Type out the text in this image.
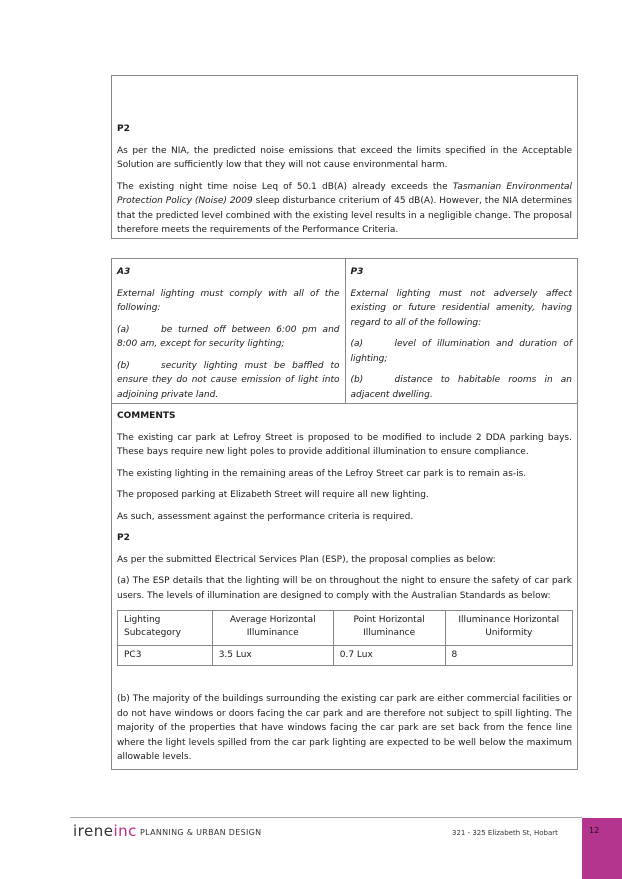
P2

As per the NIA, the predicted noise emissions that exceed the limits specified in the Acceptable Solution are sufficiently low that they will not cause environmental harm.

The existing night time noise Leq of 50.1 dB(A) already exceeds the Tasmanian Environmental Protection Policy (Noise) 2009 sleep disturbance criterium of 45 dB(A). However, the NIA determines that the predicted level combined with the existing level results in a negligible change. The proposal therefore meets the requirements of the Performance Criteria.

A3

External lighting must comply with all of the following:

(a)	be turned off between 6:00 pm and 8:00 am, except for security lighting;

(b)	security lighting must be baffled to ensure they do not cause emission of light into adjoining private land.

P3

External lighting must not adversely affect existing or future residential amenity, having regard to all of the following:

(a)	level of illumination and duration of lighting;

(b)	distance to habitable rooms in an adjacent dwelling.

COMMENTS

The existing car park at Lefroy Street is proposed to be modified to include 2 DDA parking bays. These bays require new light poles to provide additional illumination to ensure compliance.

The existing lighting in the remaining areas of the Lefroy Street car park is to remain as-is.

The proposed parking at Elizabeth Street will require all new lighting.

As such, assessment against the performance criteria is required.

P2

As per the submitted Electrical Services Plan (ESP), the proposal complies as below:

(a) The ESP details that the lighting will be on throughout the night to ensure the safety of car park users. The levels of illumination are designed to comply with the Australian Standards as below:

Lighting Subcategory	Average Horizontal Illuminance	Point Horizontal Illuminance	Illuminance Horizontal Uniformity
PC3	3.5 Lux	0.7 Lux	8

(b) The majority of the buildings surrounding the existing car park are either commercial facilities or do not have windows or doors facing the car park and are therefore not subject to spill lighting. The majority of the properties that have windows facing the car park are set back from the fence line where the light levels spilled from the car park lighting are expected to be well below the maximum allowable levels.

ireneinc PLANNING & URBAN DESIGN	321 - 325 Elizabeth St, Hobart	12
